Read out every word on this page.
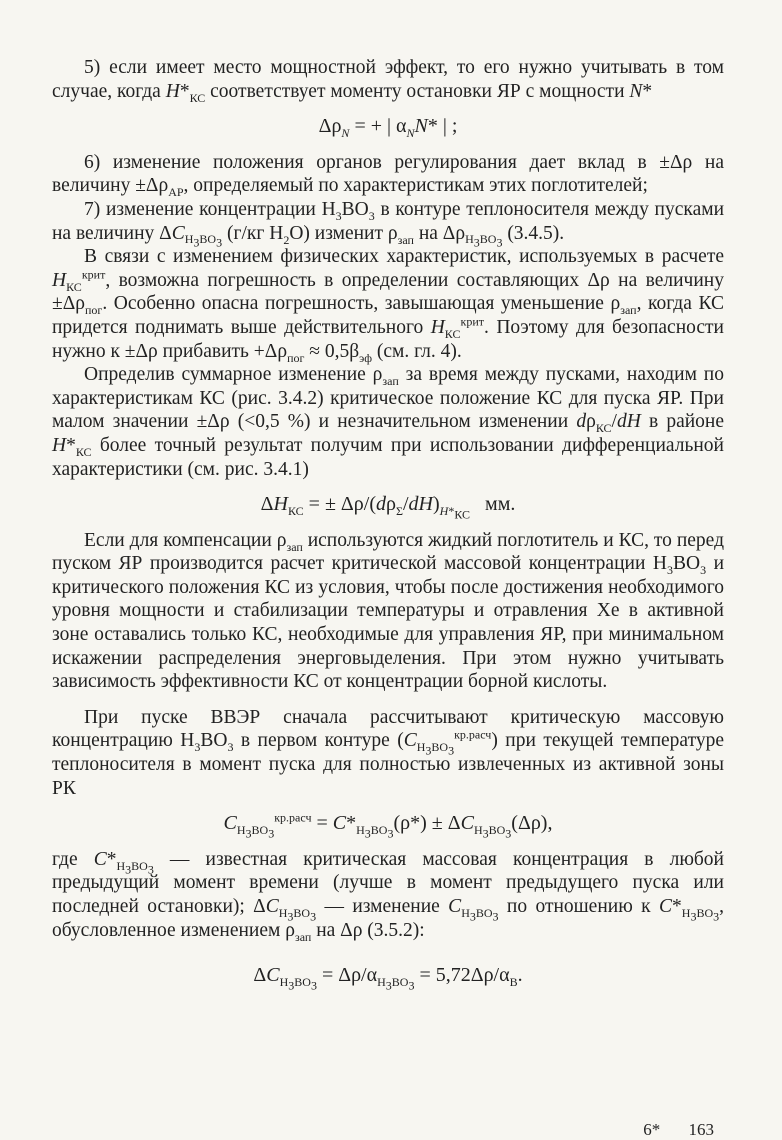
5) если имеет место мощностной эффект, то его нужно учитывать в том случае, когда $H*_{КС}$ соответствует моменту остановки ЯР с мощности N*

$\Delta\rho_N$ = + | $\alpha_NN*$ | ;

6) изменение положения органов регулирования дает вклад в ±Δρ на величину $\pm\Delta\rho_{АР}$, определяемый по характеристикам этих поглотителей;

7) изменение концентрации $H_3BO_3$ в контуре теплоносителя между пусками на величину $\Delta C_{H_3BO_3}$ (г/кг $H_2O$) изменит $\rho_{зап}$ на $\Delta\rho_{H_3BO_3}$ (3.4.5).

В связи с изменением физических характеристик, используемых в расчете $H_{КС}^{крит}$, возможна погрешность в определении составляющих Δρ на величину $\pm\Delta\rho_{пог}$. Особенно опасна погрешность, завышающая уменьшение $\rho_{зап}$, когда КС придется поднимать выше действительного $H_{КС}^{крит}$. Поэтому для безопасности нужно к ±Δρ прибавить $+\Delta\rho_{пог} \approx 0,5\beta_{эф}$ (см. гл. 4).

Определив суммарное изменение $\rho_{зап}$ за время между пусками, находим по характеристикам КС (рис. 3.4.2) критическое положение КС для пуска ЯР. При малом значении ±Δρ (<0,5 %) и незначительном изменении $d\rho_{КС}/dH$ в районе $H*_{КС}$ более точный результат получим при использовании дифференциальной характеристики (см. рис. 3.4.1)

$\Delta H_{КС}$ = ± $\Delta\rho/(d\rho_\Sigma/dH)_{H*_{КС}}$   мм.

Если для компенсации $\rho_{зап}$ используются жидкий поглотитель и КС, то перед пуском ЯР производится расчет критической массовой концентрации $H_3BO_3$ и критического положения КС из условия, чтобы после достижения необходимого уровня мощности и стабилизации температуры и отравления Xe в активной зоне оставались только КС, необходимые для управления ЯР, при минимальном искажении распределения энерговыделения. При этом нужно учитывать зависимость эффективности КС от концентрации борной кислоты.

При пуске ВВЭР сначала рассчитывают критическую массовую концентрацию $H_3BO_3$ в первом контуре $(C_{H_3BO_3}^{кр.расч})$ при текущей температуре теплоносителя в момент пуска для полностью извлеченных из активной зоны РК

$C_{H_3BO_3}^{кр.расч} = C*_{H_3BO_3}(\rho*) \pm \Delta C_{H_3BO_3}(\Delta\rho)$,

где $C*_{H_3BO_3}$ — известная критическая массовая концентрация в любой предыдущий момент времени (лучше в момент предыдущего пуска или последней остановки); $\Delta C_{H_3BO_3}$ — изменение $C_{H_3BO_3}$ по отношению к $C*_{H_3BO_3}$, обусловленное изменением $\rho_{зап}$ на Δρ (3.5.2):

$\Delta C_{H_3BO_3} = \Delta\rho/\alpha_{H_3BO_3} = 5,72\Delta\rho/\alpha_B$.
6* 163
